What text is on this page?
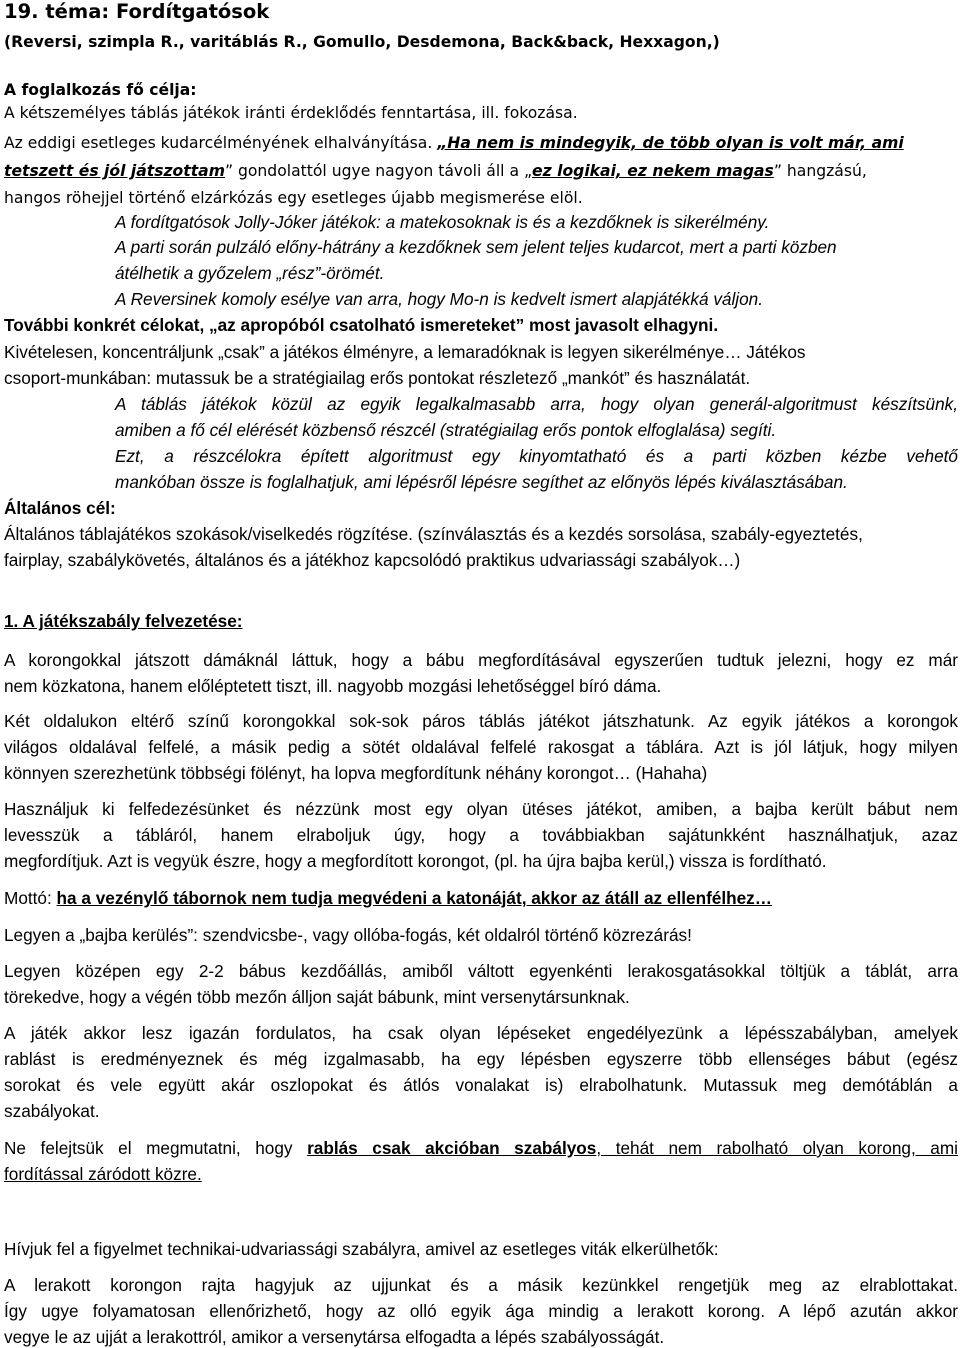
19. téma: Fordítgatósok
(Reversi, szimpla R., varitáblás R., Gomullo, Desdemona, Back&back, Hexxagon,)
A foglalkozás fő célja:
A kétszemélyes táblás játékok iránti érdeklődés fenntartása, ill. fokozása.
Az eddigi esetleges kudarcélményének elhalványítása. „Ha nem is mindegyik, de több olyan is volt már, ami
tetszett és jól játszottam” gondolattól ugye nagyon távoli áll a „ez logikai, ez nekem magas” hangzású,
hangos röhejjel történő elzárkózás egy esetleges újabb megismerése elöl.
A fordítgatósok Jolly-Jóker játékok: a matekosoknak is és a kezdőknek is sikerélmény.
A parti során pulzáló előny-hátrány a kezdőknek sem jelent teljes kudarcot, mert a parti közben
átélhetik a győzelem „rész”-örömét.
A Reversinek komoly esélye van arra, hogy Mo-n is kedvelt ismert alapjátékká váljon.
További konkrét célokat, „az apropóból csatolható ismereteket” most javasolt elhagyni.
Kivételesen, koncentráljunk „csak” a játékos élményre, a lemaradóknak is legyen sikerélménye… Játékos
csoport-munkában: mutassuk be a stratégiailag erős pontokat részletező „mankót” és használatát.
A táblás játékok közül az egyik legalkalmasabb arra, hogy olyan generál-algoritmust készítsünk,
amiben a fő cél elérését közbenső részcél (stratégiailag erős pontok elfoglalása) segíti.
Ezt, a részcélokra épített algoritmust egy kinyomtatható és a parti közben kézbe vehető
mankóban össze is foglalhatjuk, ami lépésről lépésre segíthet az előnyös lépés kiválasztásában.
Általános cél:
Általános táblajátékos szokások/viselkedés rögzítése. (színválasztás és a kezdés sorsolása, szabály-egyeztetés,
fairplay, szabálykövetés, általános és a játékhoz kapcsolódó praktikus udvariassági szabályok…)
1. A játékszabály felvezetése:
A korongokkal játszott dámáknál láttuk, hogy a bábu megfordításával egyszerűen tudtuk jelezni, hogy ez már
nem közkatona, hanem előléptetett tiszt, ill. nagyobb mozgási lehetőséggel bíró dáma.
Két oldalukon eltérő színű korongokkal sok-sok páros táblás játékot játszhatunk. Az egyik játékos a korongok
világos oldalával felfelé, a másik pedig a sötét oldalával felfelé rakosgat a táblára. Azt is jól látjuk, hogy milyen
könnyen szerezhetünk többségi fölényt, ha lopva megfordítunk néhány korongot… (Hahaha)
Használjuk ki felfedezésünket és nézzünk most egy olyan ütéses játékot, amiben, a bajba került bábut nem
levesszük a tábláról, hanem elraboljuk úgy, hogy a továbbiakban sajátunkként használhatjuk, azaz
megfordítjuk. Azt is vegyük észre, hogy a megfordított korongot, (pl. ha újra bajba kerül,) vissza is fordítható.
Mottó: ha a vezénylő tábornok nem tudja megvédeni a katonáját, akkor az átáll az ellenfélhez…
Legyen a „bajba kerülés”: szendvicsbe-, vagy ollóba-fogás, két oldalról történő közrezárás!
Legyen középen egy 2-2 bábus kezdőállás, amiből váltott egyenkénti lerakosgatásokkal töltjük a táblát, arra
törekedve, hogy a végén több mezőn álljon saját bábunk, mint versenytársunknak.
A játék akkor lesz igazán fordulatos, ha csak olyan lépéseket engedélyezünk a lépésszabályban, amelyek
rablást is eredményeznek és még izgalmasabb, ha egy lépésben egyszerre több ellenséges bábut (egész
sorokat és vele együtt akár oszlopokat és átlós vonalakat is) elrabolhatunk. Mutassuk meg demótáblán a
szabályokat.
Ne felejtsük el megmutatni, hogy rablás csak akcióban szabályos, tehát nem rabolható olyan korong, ami
fordítással záródott közre.
Hívjuk fel a figyelmet technikai-udvariassági szabályra, amivel az esetleges viták elkerülhetők:
A lerakott korongon rajta hagyjuk az ujjunkat és a másik kezünkkel rengetjük meg az elrablottakat.
Így ugye folyamatosan ellenőrizhető, hogy az olló egyik ága mindig a lerakott korong. A lépő azután akkor
vegye le az ujját a lerakottról, amikor a versenytársa elfogadta a lépés szabályosságát.
